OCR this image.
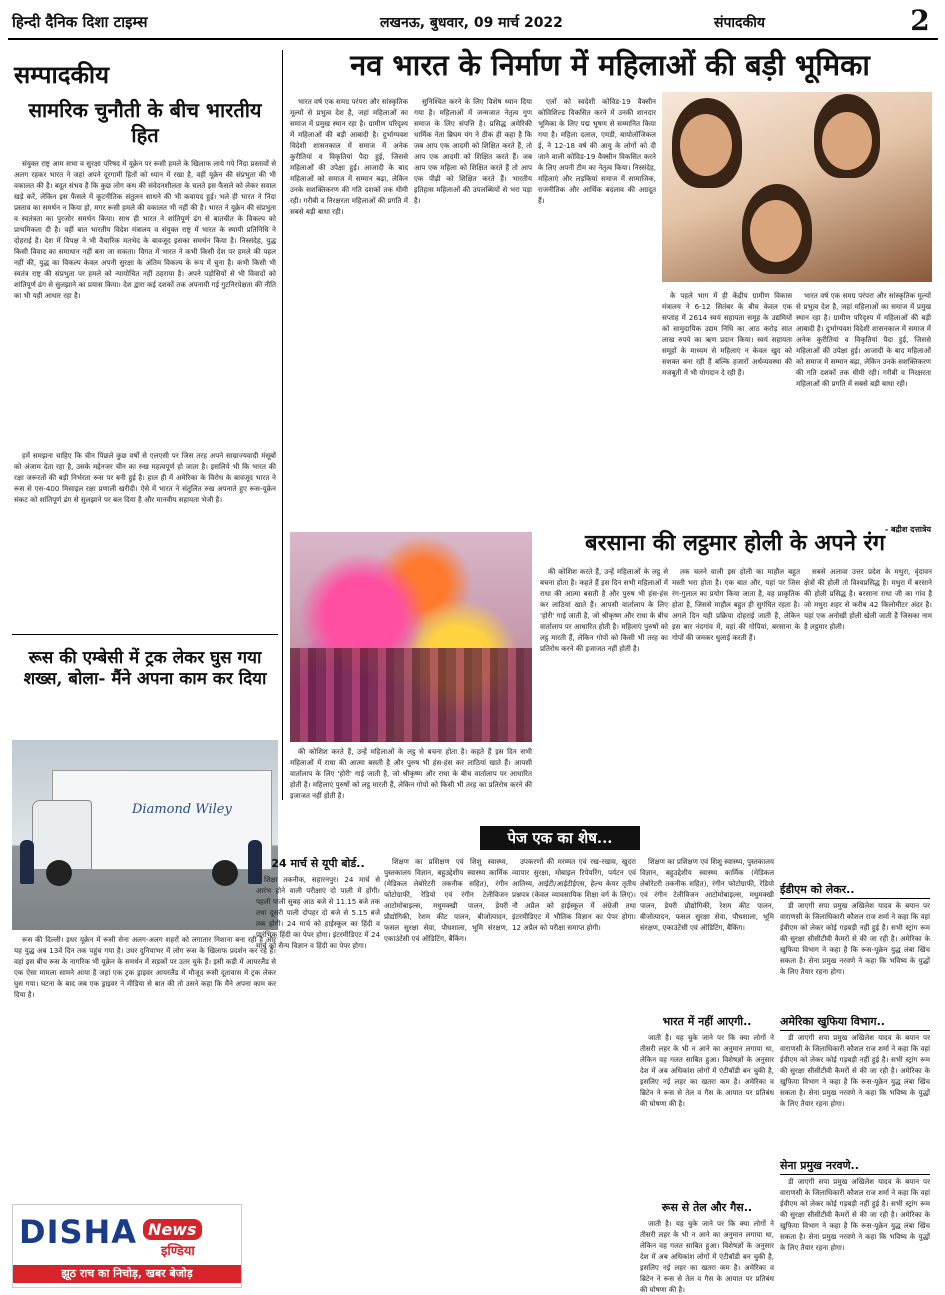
हिन्दी दैनिक दिशा टाइम्स	लखनऊ, बुधवार, 09 मार्च 2022	संपादकीय	2
सम्पादकीय	नव भारत के निर्माण में महिलाओं की बड़ी भूमिका
सामरिक चुनौती के बीच भारतीय हित

संयुक्त राष्ट्र आम सभा व सुरक्षा परिषद में यूक्रेन पर रूसी हमले के खिलाफ लाये गये निंदा प्रस्तावों से अलग रहकर भारत ने जहां अपने दूरगामी हितों को ध्यान में रखा है, वहीं यूक्रेन की संप्रभुता की भी वकालत की है। बदूत संभव है कि कुछ लोग कथ की संवेदनशीलता के चलते इस फैसले को लेकर सवाल खड़े करें, लेकिन इस फैसले में कूटनीतिक संतुलन साधने की भी कवायद हुई। भले ही भारत ने निंदा प्रस्ताव का समर्थन न किया हो, मगर रूसी हमले की वकालत भी नहीं की है। भारत ने यूक्रेन की संप्रभुता व स्वतंत्रता का पुरजोर समर्थन किया। साथ ही भारत ने शांतिपूर्ण ढंग से बातचीत के विकल्प को प्राथमिकता दी है। वहीं बात भारतीय विदेश मंत्रालय व संयुक्त राष्ट्र में भारत के स्थायी प्रतिनिधि ने दोहराई है। देश में विपक्ष ने भी वैचारिक मतभेद के बावजूद इसका समर्थन किया है। निस्संदेह, युद्ध किसी विवाद का समाधान नहीं बना जा सकता। विगत में भारत ने कभी किसी देश पर हमले की पहल नहीं की, युद्ध का विकल्प केवल अपनी सुरक्षा के अंतिम विकल्प के रूप में चुना है। कभी किसी भी स्वतंत्र राष्ट्र की संप्रभुता पर हमले को न्यायोचित नहीं ठहराया है। अपने पड़ोसियों से भी विवादों को शांतिपूर्ण ढंग से सुलझाने का प्रयास किया। देश द्वारा कई दशकों तक अपनायी गई गुटनिरपेक्षता की नीति का भी यही आधार रहा है।

हमें समझना चाहिए कि चीन पिछले कुछ वर्षों से एलएसी पर जिस तरह अपने साम्राज्यवादी मंसूबों को अंजाम देता रहा है, उसके मद्देनजर चीन का रुख महत्वपूर्ण हो जाता है। इसलिये भी कि भारत की रक्षा जरूरतों की बड़ी निर्भरता रूस पर बनी हुई है। हाल ही में अमेरिका के विरोध के बावजूद भारत ने रूस से एस-400 मिसाइल रक्षा प्रणाली खरीदी। ऐसे में भारत ने संतुलित रुख अपनाते हुए रूस-यूक्रेन संकट को शांतिपूर्ण ढंग से सुलझाने पर बल दिया है और मानवीय सहायता भेजी है।

भारत वर्ष एक समग्र परंपरा और सांस्कृतिक मूल्यों से प्रभुत्व देश है, जहां महिलाओं का समाज में प्रमुख स्थान रहा है। ग्रामीण परिदृश्य में महिलाओं की बड़ी आबादी है। दुर्भाग्यवश विदेशी शासनकाल में समाज में अनेक कुरीतियां व विकृतियां पैदा हुई, जिससे महिलाओं की उपेक्षा हुई। आजादी के बाद महिलाओं को समाज में सम्मान बढ़ा, लेकिन उनके सशक्तिकरण की गति दशकों तक धीमी रही। गरीबी व निरक्षरता महिलाओं की प्रगति में सबसे बड़ी बाधा रही।

सुनिश्चित करने के लिए विशेष ध्यान दिया गया है। महिलाओं में जन्मजात नेतृत्व गुण समाज के लिए संपत्ति है। प्रसिद्ध अमेरिकी धार्मिक नेता ब्रिघम यंग ने ठीक ही कहा है कि जब आप एक आदमी को शिक्षित करते हैं, तो आप एक आदमी को शिक्षित करते हैं। जब आप एक महिला को शिक्षित करते हैं तो आप एक पीढ़ी को शिक्षित करते हैं। भारतीय इतिहास महिलाओं की उपलब्धियों से भरा पड़ा है।

एलों को स्वदेशी कोविड-19 वैक्सीन कोविशिल्ड विकसित करने में उनकी शानदार भूमिका के लिए पद्म भूषण से सम्मानित किया गया है। महिला दलाल, एमडी, बायोलॉजिकल ई, ने 12-18 वर्ष की आयु के लोगों को दी जाने वाली कोविड-19 वैक्सीन विकसित करने के लिए अपनी टीम का नेतृत्व किया। निस्संदेह, महिलाएं और लड़कियां समाज में सामाजिक, राजनीतिक और आर्थिक बदलाव की अग्रदूत हैं।

के पहले भाग में ही केंद्रीय ग्रामीण विकास मंत्रालय ने 6-12 सितंबर के बीच केवल एक सप्ताह में 2614 स्वयं सहायता समूह के उद्यमियों को सामुदायिक उद्यम निधि का आठ करोड़ सात लाख रुपये का ऋण प्रदान किया। स्वयं सहायता समूहों के माध्यम से महिलाएं न केवल खुद को सशक्त बना रही हैं बल्कि हजारों अर्थव्यवस्था की मजबूती में भी योगदान दे रही हैं।

भारत वर्ष एक समग्र परंपरा और सांस्कृतिक मूल्यों से प्रभुत्व देश है, जहां महिलाओं का समाज में प्रमुख स्थान रहा है। ग्रामीण परिदृश्य में महिलाओं की बड़ी आबादी है। दुर्भाग्यवश विदेशी शासनकाल में समाज में अनेक कुरीतियां व विकृतियां पैदा हुई, जिससे महिलाओं की उपेक्षा हुई। आजादी के बाद महिलाओं को समाज में सम्मान बढ़ा, लेकिन उनके सशक्तिकरण की गति दशकों तक धीमी रही। गरीबी व निरक्षरता महिलाओं की प्रगति में सबसे बड़ी बाधा रही।

- बद्रीश दत्तात्रेय
बरसाना की लट्ठमार होली के अपने रंग

की कोशिश करते हैं, उन्हें महिलाओं के लट्ठ से बचना होता है। कहते हैं इस दिन सभी महिलाओं में राधा की आत्मा बसती है और पुरुष भी हंस-हंस कर लाठियां खाते हैं। आपसी वार्तालाप के लिए 'होरी' गाई जाती है, जो श्रीकृष्ण और राधा के बीच वार्तालाप पर आधारित होती है। महिलाएं पुरुषों को लट्ठ मारती हैं, लेकिन गोपों को किसी भी तरह का प्रतिरोध करने की इजाजत नहीं होती है।

तक चलने वाली इस होली का माहौल बहुत मस्ती भरा होता है। एक बात और, यहां पर जिस रंग-गुलाल का प्रयोग किया जाता है, वह प्राकृतिक होता है, जिससे माहौल बहुत ही सुगंधित रहता है। अगले दिन यही प्रक्रिया दोहराई जाती है, लेकिन इस बार नंदगांव में, वहां की गोपियां, बरसाना के गोपों की जमकर धुलाई करती हैं।

सबसे अलावा उत्तर प्रदेश के मथुरा, वृंदावन क्षेत्रों की होली तो विश्वप्रसिद्ध है। मथुरा में बरसाने की होली प्रसिद्ध है। बरसाना राधा जी का गांव है जो मथुरा शहर से करीब 42 किलोमीटर अंदर है। यहां एक अनोखी होली खेली जाती है जिसका नाम है लट्ठमार होली।

की कोशिश करते हैं, उन्हें महिलाओं के लट्ठ से बचना होता है। कहते हैं इस दिन सभी महिलाओं में राधा की आत्मा बसती है और पुरुष भी हंस-हंस कर लाठियां खाते हैं। आपसी वार्तालाप के लिए 'होरी' गाई जाती है, जो श्रीकृष्ण और राधा के बीच वार्तालाप पर आधारित होती है। महिलाएं पुरुषों को लट्ठ मारती हैं, लेकिन गोपों को किसी भी तरह का प्रतिरोध करने की इजाजत नहीं होती है।

रूस की एम्बेसी में ट्रक लेकर घुस गया शख्स, बोला- मैंने अपना काम कर दिया
Diamond Wiley

रूस की दिल्ली। इधर यूक्रेन में रूसी सेना अलग-अलग शहरों को लगातार निशाना बना रही है और यह युद्ध अब 13वें दिन तक पहुंच गया है। उधर दुनियाभर में लोग रूस के खिलाफ प्रदर्शन कर रहे हैं। वहां इस बीच रूस के नागरिक भी यूक्रेन के समर्थन में सड़कों पर उतर चुके हैं। इसी कड़ी में आयरलैंड से एक ऐसा मामला सामने आया है जहां एक ट्रक ड्राइवर आयरलैंड में मौजूद रूसी दूतावास में ट्रक लेकर घुस गया। घटना के बाद जब एक ड्राइवर ने मीडिया से बात की तो उसने कहा कि मैंने अपना काम कर दिया है।

DISHA News
इण्डिया
झूठ राच का निचोड़, खबर बेजोड़
पेज एक का शेष...
24 मार्च से यूपी बोर्ड..

शिक्षा तकनीक, सहारनपुर। 24 मार्च से आरंभ होने वाली परीक्षाएं दो पाली में होंगी। पहली पाली सुबह आठ बजे से 11.15 बजे तक तथा दूसरी पाली दोपहर दो बजे से 5.15 बजे तक होगी। 24 मार्च को हाईस्कूल का हिंदी व प्रारंभिक हिंदी का पेपर होगा। इंटरमीडिएट में 24 मार्च को सैन्य विज्ञान व हिंदी का पेपर होगा।

शिक्षण का प्रशिक्षण एवं शिशु स्वास्थ्य, पुस्तकालय विज्ञान, बहुउद्देशीय स्वास्थ्य कार्मिक (मेडिकल लेबोरेटरी तकनीक सहित), रंगीन फोटोग्राफी, रेडियो एवं रंगीन टेलीविजन आटोमोबाइल्स, मधुमक्खी पालन, डेयरी प्रौद्योगिकी, रेशम कीट पालन, बीजोत्पादन, फसल सुरक्षा सेवा, पौधशाला, भूमि संरक्षण, एकाउंटेंसी एवं ऑडिटिंग, बैंकिंग।

उपकरणों की मरम्मत एवं रख-रखाव, खुदरा व्यापार सुरक्षा, मोबाइल रिपेयरिंग, पर्यटन एवं आतिथ्य, आईटी/आईटीईएस, हेल्थ केयर तृतीय प्रश्नपत्र (केवल व्यावसायिक शिक्षा वर्ग के लिए)। नौ अप्रैल को हाईस्कूल में अंग्रेजी तथा इंटरमीडिएट में भौतिक विज्ञान का पेपर होगा। 12 अप्रैल को परीक्षा समाप्त होगी।

शिक्षण का प्रशिक्षण एवं शिशु स्वास्थ्य, पुस्तकालय विज्ञान, बहुउद्देशीय स्वास्थ्य कार्मिक (मेडिकल लेबोरेटरी तकनीक सहित), रंगीन फोटोग्राफी, रेडियो एवं रंगीन टेलीविजन आटोमोबाइल्स, मधुमक्खी पालन, डेयरी प्रौद्योगिकी, रेशम कीट पालन, बीजोत्पादन, फसल सुरक्षा सेवा, पौधशाला, भूमि संरक्षण, एकाउंटेंसी एवं ऑडिटिंग, बैंकिंग।

भारत में नहीं आएगी..

जाती है। यह चुके जाने पर कि क्या लोगों ने तीसरी लहर के भी न आने का अनुमान लगाया था, लेकिन वह गलत साबित हुआ। विशेषज्ञों के अनुसार देश में अब अधिकांश लोगों में एंटीबॉडी बन चुकी है, इसलिए नई लहर का खतरा कम है। अमेरिका व ब्रिटेन ने रूस से तेल व गैस के आयात पर प्रतिबंध की घोषणा की है।

रूस से तेल और गैस..

जाती है। यह चुके जाने पर कि क्या लोगों ने तीसरी लहर के भी न आने का अनुमान लगाया था, लेकिन वह गलत साबित हुआ। विशेषज्ञों के अनुसार देश में अब अधिकांश लोगों में एंटीबॉडी बन चुकी है, इसलिए नई लहर का खतरा कम है। अमेरिका व ब्रिटेन ने रूस से तेल व गैस के आयात पर प्रतिबंध की घोषणा की है।

ईडीएम को लेकर..

डी जाएगी सपा प्रमुख अखिलेश यादव के बयान पर वाराणसी के जिलाधिकारी कौशल राज शर्मा ने कहा कि वहां ईवीएम को लेकर कोई गड़बड़ी नहीं हुई है। सभी स्ट्रांग रूम की सुरक्षा सीसीटीवी कैमरों से की जा रही है। अमेरिका के खुफिया विभाग ने कहा है कि रूस-यूक्रेन युद्ध लंबा खिंच सकता है। सेना प्रमुख नरवणे ने कहा कि भविष्य के युद्धों के लिए तैयार रहना होगा।

अमेरिका खुफिया विभाग..

डी जाएगी सपा प्रमुख अखिलेश यादव के बयान पर वाराणसी के जिलाधिकारी कौशल राज शर्मा ने कहा कि वहां ईवीएम को लेकर कोई गड़बड़ी नहीं हुई है। सभी स्ट्रांग रूम की सुरक्षा सीसीटीवी कैमरों से की जा रही है। अमेरिका के खुफिया विभाग ने कहा है कि रूस-यूक्रेन युद्ध लंबा खिंच सकता है। सेना प्रमुख नरवणे ने कहा कि भविष्य के युद्धों के लिए तैयार रहना होगा।

सेना प्रमुख नरवणे..

डी जाएगी सपा प्रमुख अखिलेश यादव के बयान पर वाराणसी के जिलाधिकारी कौशल राज शर्मा ने कहा कि वहां ईवीएम को लेकर कोई गड़बड़ी नहीं हुई है। सभी स्ट्रांग रूम की सुरक्षा सीसीटीवी कैमरों से की जा रही है। अमेरिका के खुफिया विभाग ने कहा है कि रूस-यूक्रेन युद्ध लंबा खिंच सकता है। सेना प्रमुख नरवणे ने कहा कि भविष्य के युद्धों के लिए तैयार रहना होगा।
